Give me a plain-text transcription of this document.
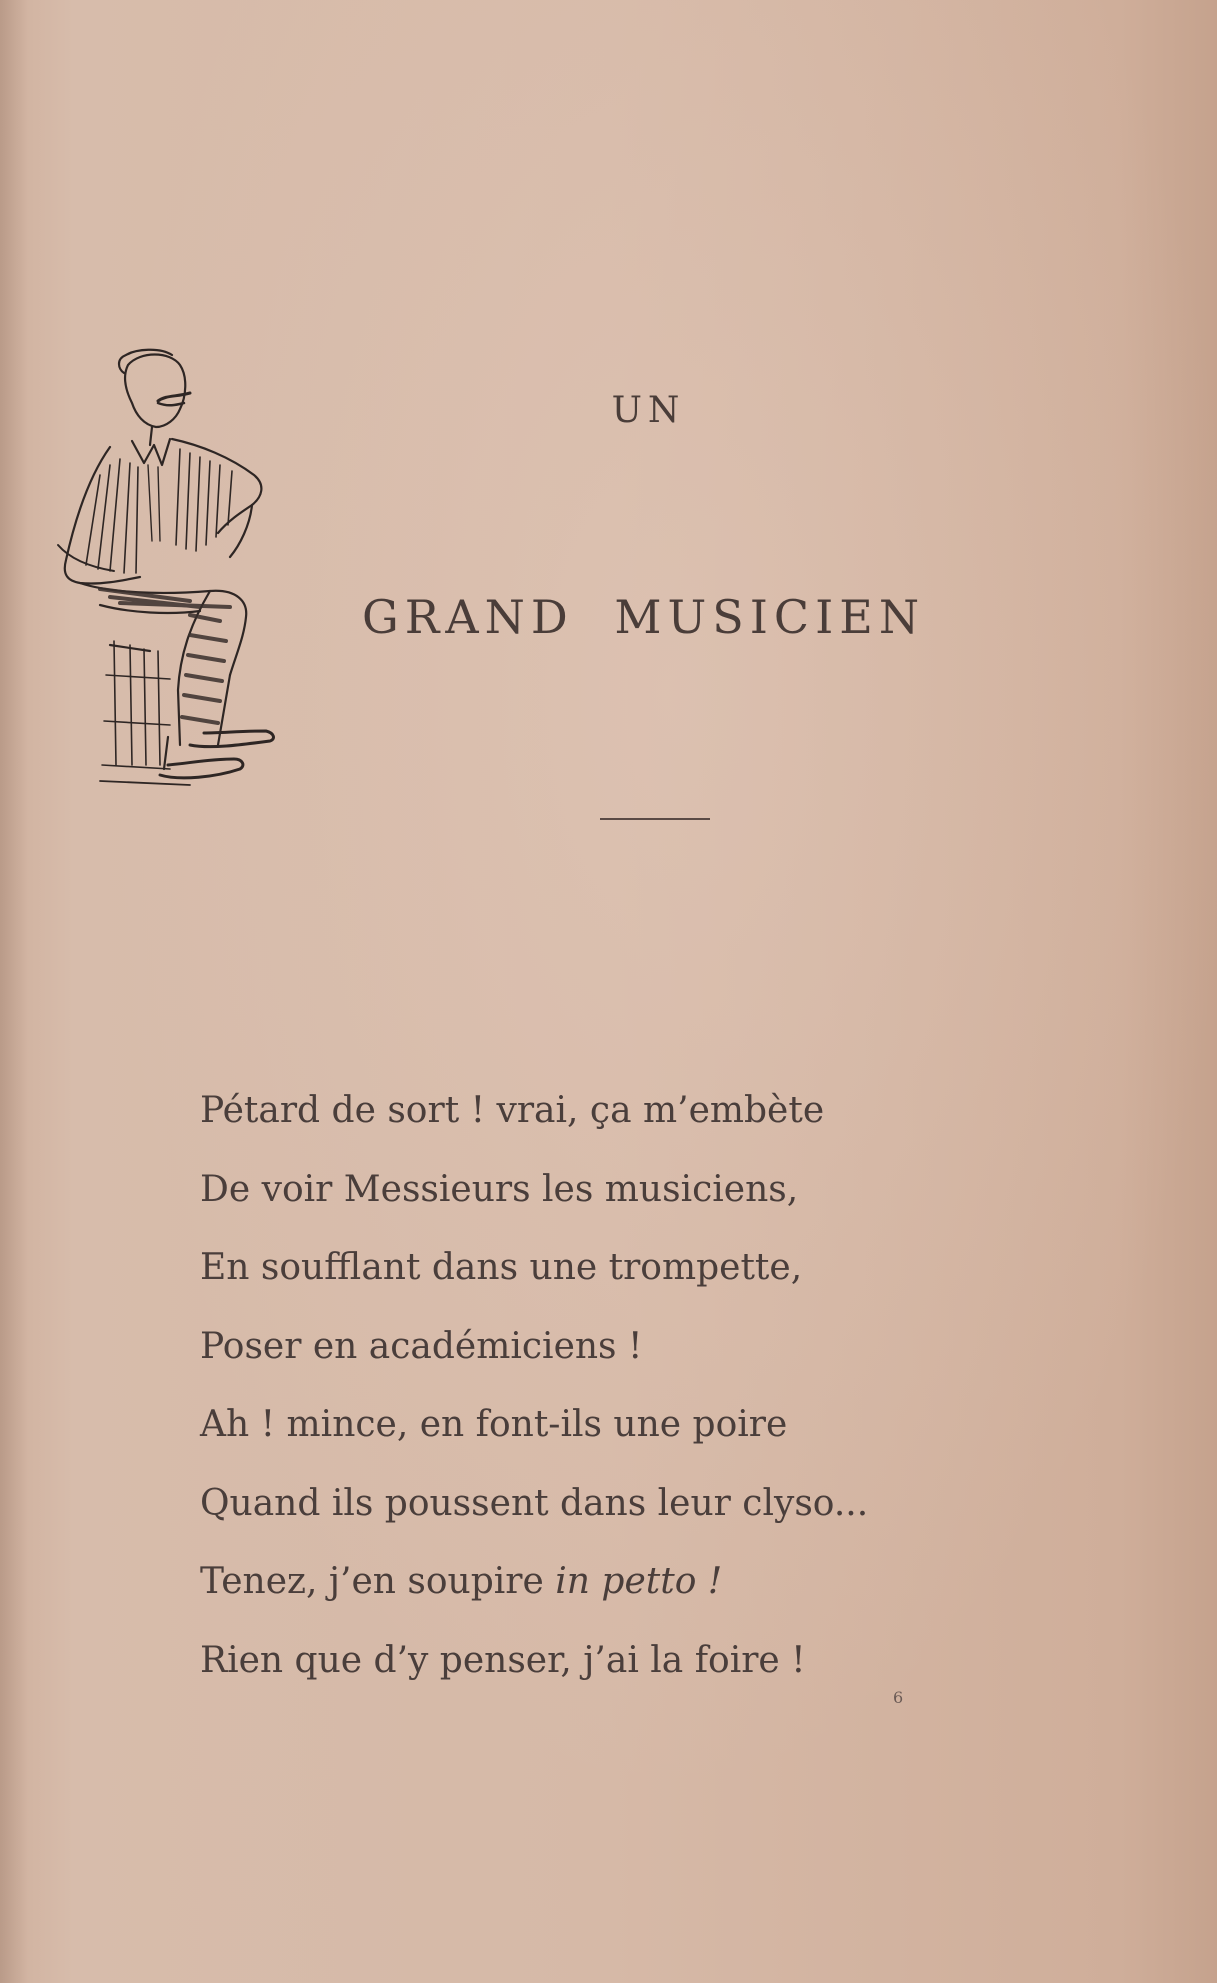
UN
GRAND MUSICIEN
Pétard de sort ! vrai, ça m’embète
De voir Messieurs les musiciens,
En soufflant dans une trompette,
Poser en académiciens !
Ah ! mince, en font-ils une poire
Quand ils poussent dans leur clyso...
Tenez, j’en soupire in petto !
Rien que d’y penser, j’ai la foire !
6
